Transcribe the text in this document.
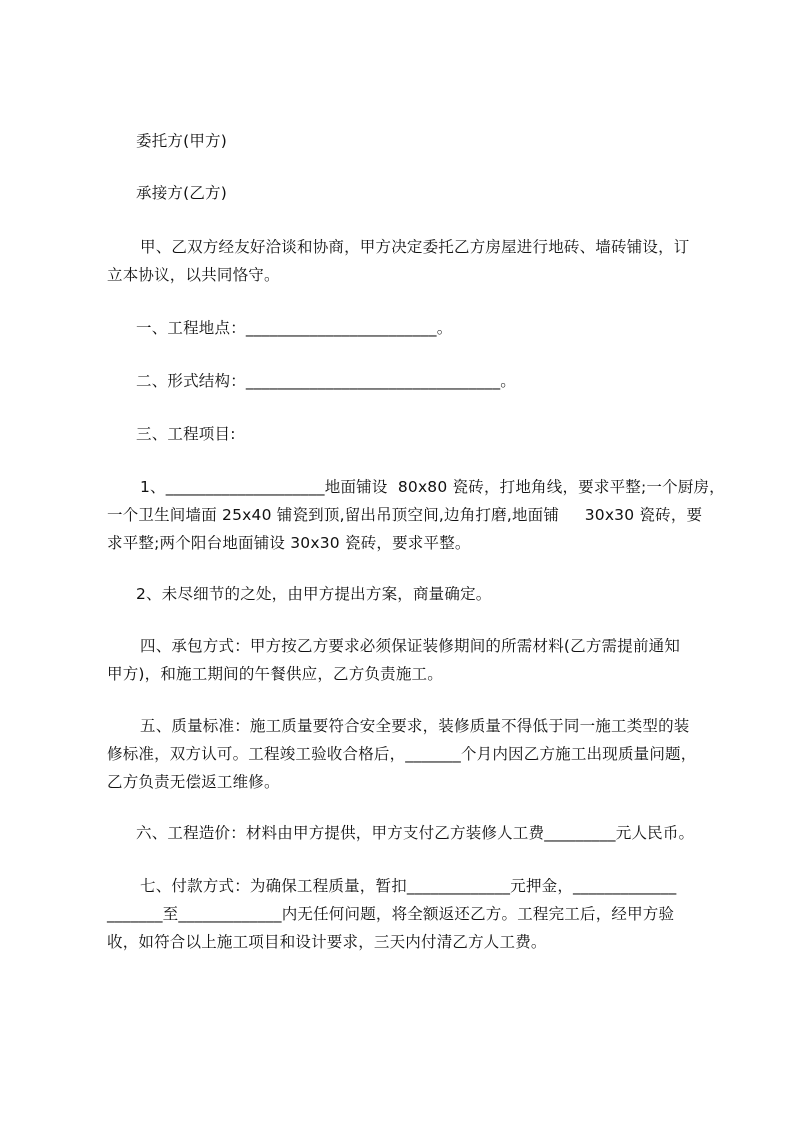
委托方(甲方)
承接方(乙方)
甲、乙双方经友好洽谈和协商，甲方决定委托乙方房屋进行地砖、墙砖铺设，订
立本协议，以共同恪守。
一、工程地点：________________________。
二、形式结构：________________________________。
三、工程项目:
1、____________________地面铺设  80x80 瓷砖，打地角线，要求平整;一个厨房，
一个卫生间墙面 25x40 铺瓷到顶,留出吊顶空间,边角打磨,地面铺     30x30 瓷砖，要
求平整;两个阳台地面铺设 30x30 瓷砖，要求平整。
2、未尽细节的之处，由甲方提出方案，商量确定。
四、承包方式：甲方按乙方要求必须保证装修期间的所需材料(乙方需提前通知
甲方)，和施工期间的午餐供应，乙方负责施工。
五、质量标准：施工质量要符合安全要求，装修质量不得低于同一施工类型的装
修标准，双方认可。工程竣工验收合格后，_______个月内因乙方施工出现质量问题，
乙方负责无偿返工维修。
六、工程造价：材料由甲方提供，甲方支付乙方装修人工费_________元人民币。
七、付款方式：为确保工程质量，暂扣_____________元押金，_____________
_______至_____________内无任何问题，将全额返还乙方。工程完工后，经甲方验
收，如符合以上施工项目和设计要求，三天内付清乙方人工费。
